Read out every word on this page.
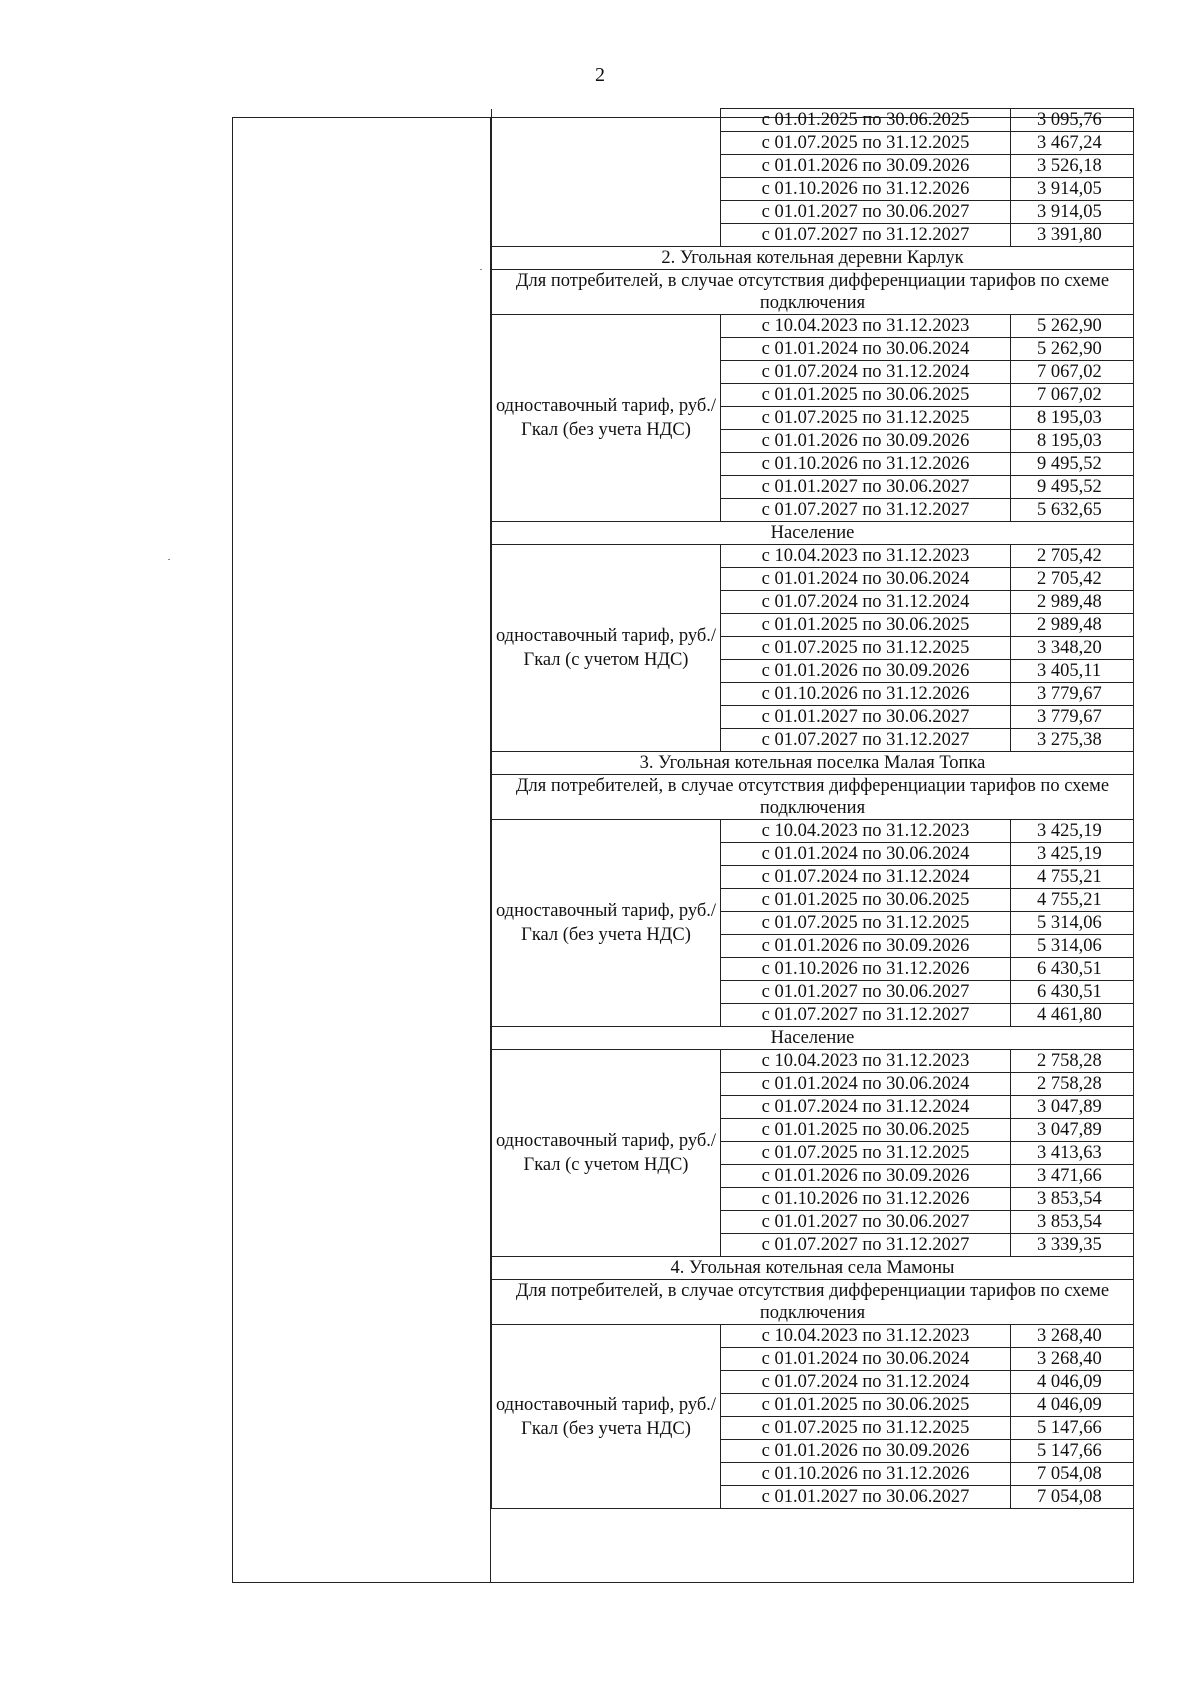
2
	с 01.01.2025 по 30.06.2025	3 095,76
	с 01.07.2025 по 31.12.2025	3 467,24
	с 01.01.2026 по 30.09.2026	3 526,18
	с 01.10.2026 по 31.12.2026	3 914,05
	с 01.01.2027 по 30.06.2027	3 914,05
	с 01.07.2027 по 31.12.2027	3 391,80
2. Угольная котельная деревни Карлук		
Для потребителей, в случае отсутствия дифференциации тарифов по схеме подключения		
одноставочный тариф, руб./Гкал (без учета НДС)	с 10.04.2023 по 31.12.2023	5 262,90
	с 01.01.2024 по 30.06.2024	5 262,90
	с 01.07.2024 по 31.12.2024	7 067,02
	с 01.01.2025 по 30.06.2025	7 067,02
	с 01.07.2025 по 31.12.2025	8 195,03
	с 01.01.2026 по 30.09.2026	8 195,03
	с 01.10.2026 по 31.12.2026	9 495,52
	с 01.01.2027 по 30.06.2027	9 495,52
	с 01.07.2027 по 31.12.2027	5 632,65
Население		
одноставочный тариф, руб./Гкал (с учетом НДС)	с 10.04.2023 по 31.12.2023	2 705,42
	с 01.01.2024 по 30.06.2024	2 705,42
	с 01.07.2024 по 31.12.2024	2 989,48
	с 01.01.2025 по 30.06.2025	2 989,48
	с 01.07.2025 по 31.12.2025	3 348,20
	с 01.01.2026 по 30.09.2026	3 405,11
	с 01.10.2026 по 31.12.2026	3 779,67
	с 01.01.2027 по 30.06.2027	3 779,67
	с 01.07.2027 по 31.12.2027	3 275,38
3. Угольная котельная поселка Малая Топка		
Для потребителей, в случае отсутствия дифференциации тарифов по схеме подключения		
одноставочный тариф, руб./Гкал (без учета НДС)	с 10.04.2023 по 31.12.2023	3 425,19
	с 01.01.2024 по 30.06.2024	3 425,19
	с 01.07.2024 по 31.12.2024	4 755,21
	с 01.01.2025 по 30.06.2025	4 755,21
	с 01.07.2025 по 31.12.2025	5 314,06
	с 01.01.2026 по 30.09.2026	5 314,06
	с 01.10.2026 по 31.12.2026	6 430,51
	с 01.01.2027 по 30.06.2027	6 430,51
	с 01.07.2027 по 31.12.2027	4 461,80
Население		
одноставочный тариф, руб./Гкал (с учетом НДС)	с 10.04.2023 по 31.12.2023	2 758,28
	с 01.01.2024 по 30.06.2024	2 758,28
	с 01.07.2024 по 31.12.2024	3 047,89
	с 01.01.2025 по 30.06.2025	3 047,89
	с 01.07.2025 по 31.12.2025	3 413,63
	с 01.01.2026 по 30.09.2026	3 471,66
	с 01.10.2026 по 31.12.2026	3 853,54
	с 01.01.2027 по 30.06.2027	3 853,54
	с 01.07.2027 по 31.12.2027	3 339,35
4. Угольная котельная села Мамоны		
Для потребителей, в случае отсутствия дифференциации тарифов по схеме подключения		
одноставочный тариф, руб./Гкал (без учета НДС)	с 10.04.2023 по 31.12.2023	3 268,40
	с 01.01.2024 по 30.06.2024	3 268,40
	с 01.07.2024 по 31.12.2024	4 046,09
	с 01.01.2025 по 30.06.2025	4 046,09
	с 01.07.2025 по 31.12.2025	5 147,66
	с 01.01.2026 по 30.09.2026	5 147,66
	с 01.10.2026 по 31.12.2026	7 054,08
	с 01.01.2027 по 30.06.2027	7 054,08
